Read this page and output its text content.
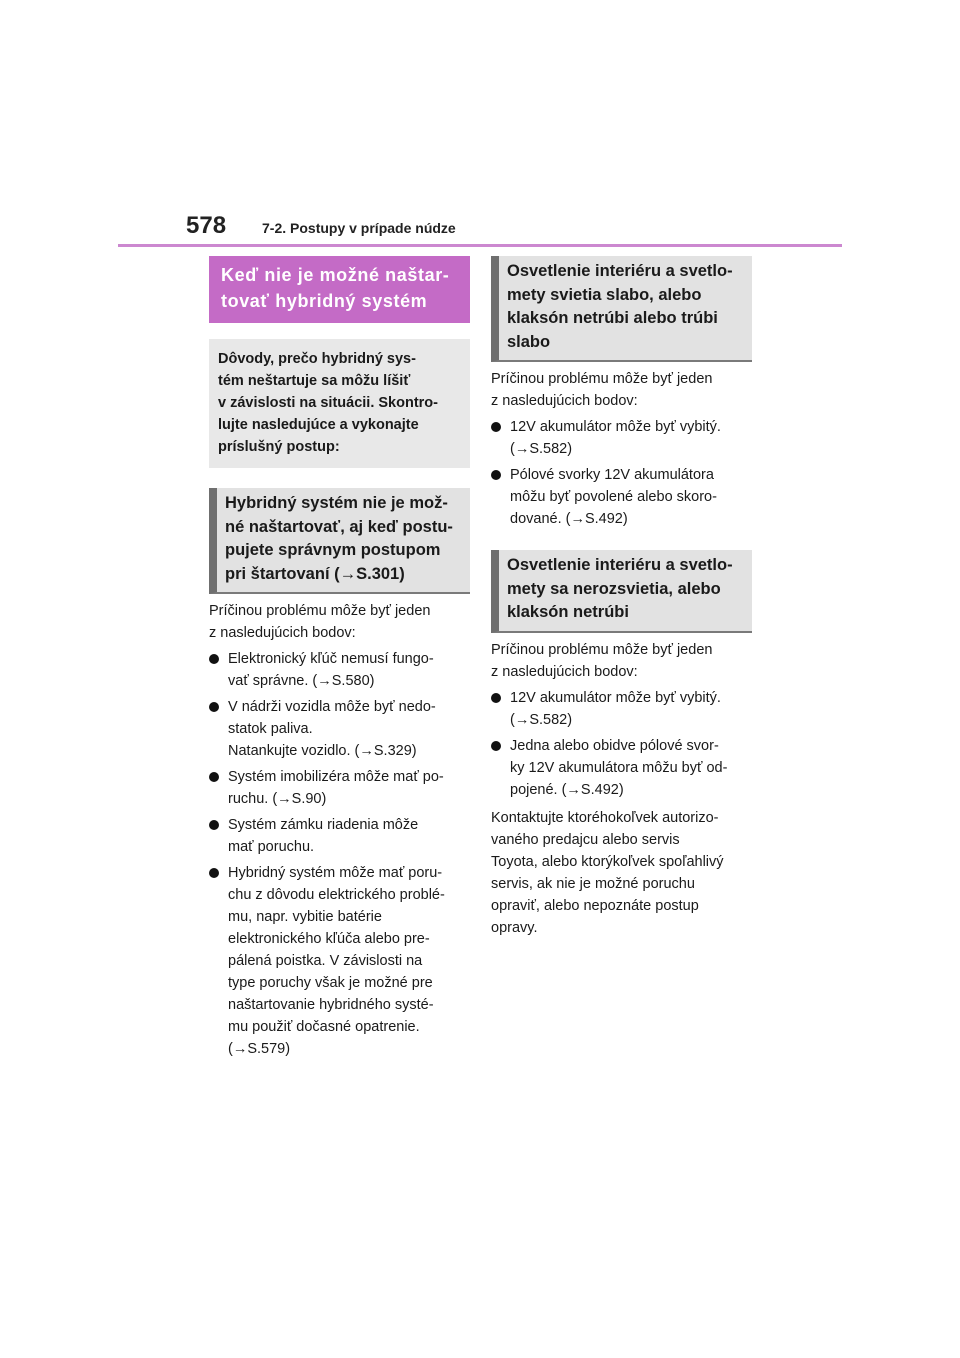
578	7-2. Postupy v prípade núdze
Keď nie je možné naštar-
tovať hybridný systém
Dôvody, prečo hybridný sys-
tém neštartuje sa môžu líšiť
v závislosti na situácii. Skontro-
lujte nasledujúce a vykonajte
príslušný postup:
Hybridný systém nie je mož-
né naštartovať, aj keď postu-
pujete správnym postupom
pri štartovaní (→S.301)
Príčinou problému môže byť jeden
z nasledujúcich bodov:
Elektronický kľúč nemusí fungo-
vať správne. (→S.580)
V nádrži vozidla môže byť nedo-
statok paliva.
Natankujte vozidlo. (→S.329)
Systém imobilizéra môže mať po-
ruchu. (→S.90)
Systém zámku riadenia môže
mať poruchu.
Hybridný systém môže mať poru-
chu z dôvodu elektrického problé-
mu, napr. vybitie batérie
elektronického kľúča alebo pre-
pálená poistka. V závislosti na
type poruchy však je možné pre
naštartovanie hybridného systé-
mu použiť dočasné opatrenie.
(→S.579)
Osvetlenie interiéru a svetlo-
mety svietia slabo, alebo
klaksón netrúbi alebo trúbi
slabo
Príčinou problému môže byť jeden
z nasledujúcich bodov:
12V akumulátor môže byť vybitý.
(→S.582)
Pólové svorky 12V akumulátora
môžu byť povolené alebo skoro-
dované. (→S.492)
Osvetlenie interiéru a svetlo-
mety sa nerozsvietia, alebo
klaksón netrúbi
Príčinou problému môže byť jeden
z nasledujúcich bodov:
12V akumulátor môže byť vybitý.
(→S.582)
Jedna alebo obidve pólové svor-
ky 12V akumulátora môžu byť od-
pojené. (→S.492)
Kontaktujte ktoréhokoľvek autorizo-
vaného predajcu alebo servis
Toyota, alebo ktorýkoľvek spoľahlivý
servis, ak nie je možné poruchu
opraviť, alebo nepoznáte postup
opravy.
